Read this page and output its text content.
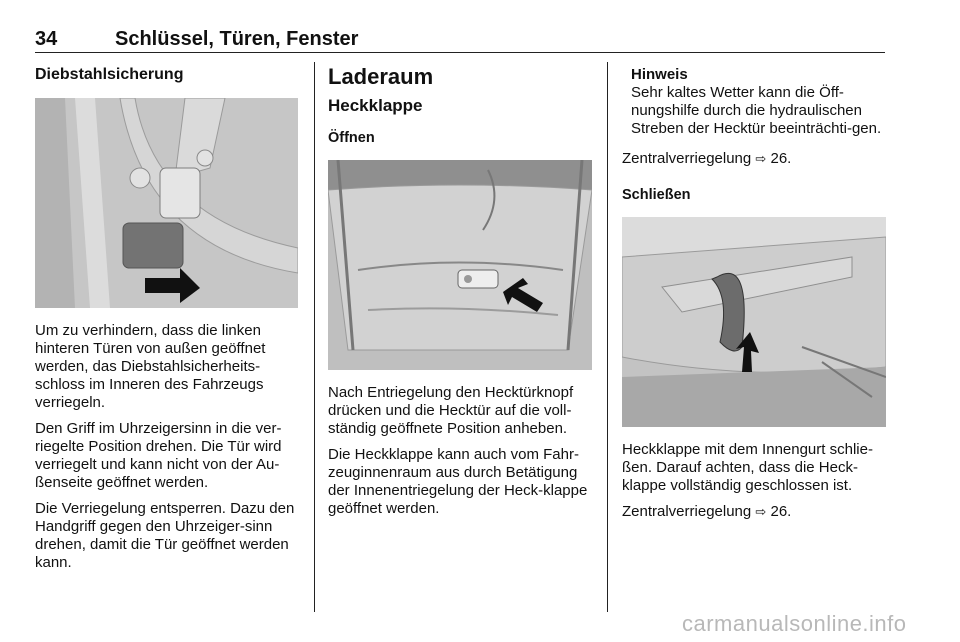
34	Schlüssel, Türen, Fenster
Diebstahlsicherung

Um zu verhindern, dass die linken hinteren Türen von außen geöffnet werden, das Diebstahlsicherheits-schloss im Inneren des Fahrzeugs verriegeln.

Den Griff im Uhrzeigersinn in die ver-riegelte Position drehen. Die Tür wird verriegelt und kann nicht von der Au-ßenseite geöffnet werden.

Die Verriegelung entsperren. Dazu den Handgriff gegen den Uhrzeiger-sinn drehen, damit die Tür geöffnet werden kann.

Laderaum
Heckklappe
Öffnen

Nach Entriegelung den Hecktürknopf drücken und die Hecktür auf die voll-ständig geöffnete Position anheben.

Die Heckklappe kann auch vom Fahr-zeuginnenraum aus durch Betätigung der Innenentriegelung der Heck-klappe geöffnet werden.

Hinweis
Sehr kaltes Wetter kann die Öff-nungshilfe durch die hydraulischen Streben der Hecktür beeinträchti-gen.

Zentralverriegelung ⇨ 26.

Schließen

Heckklappe mit dem Innengurt schlie-ßen. Darauf achten, dass die Heck-klappe vollständig geschlossen ist.

Zentralverriegelung ⇨ 26.

carmanualsonline.info
